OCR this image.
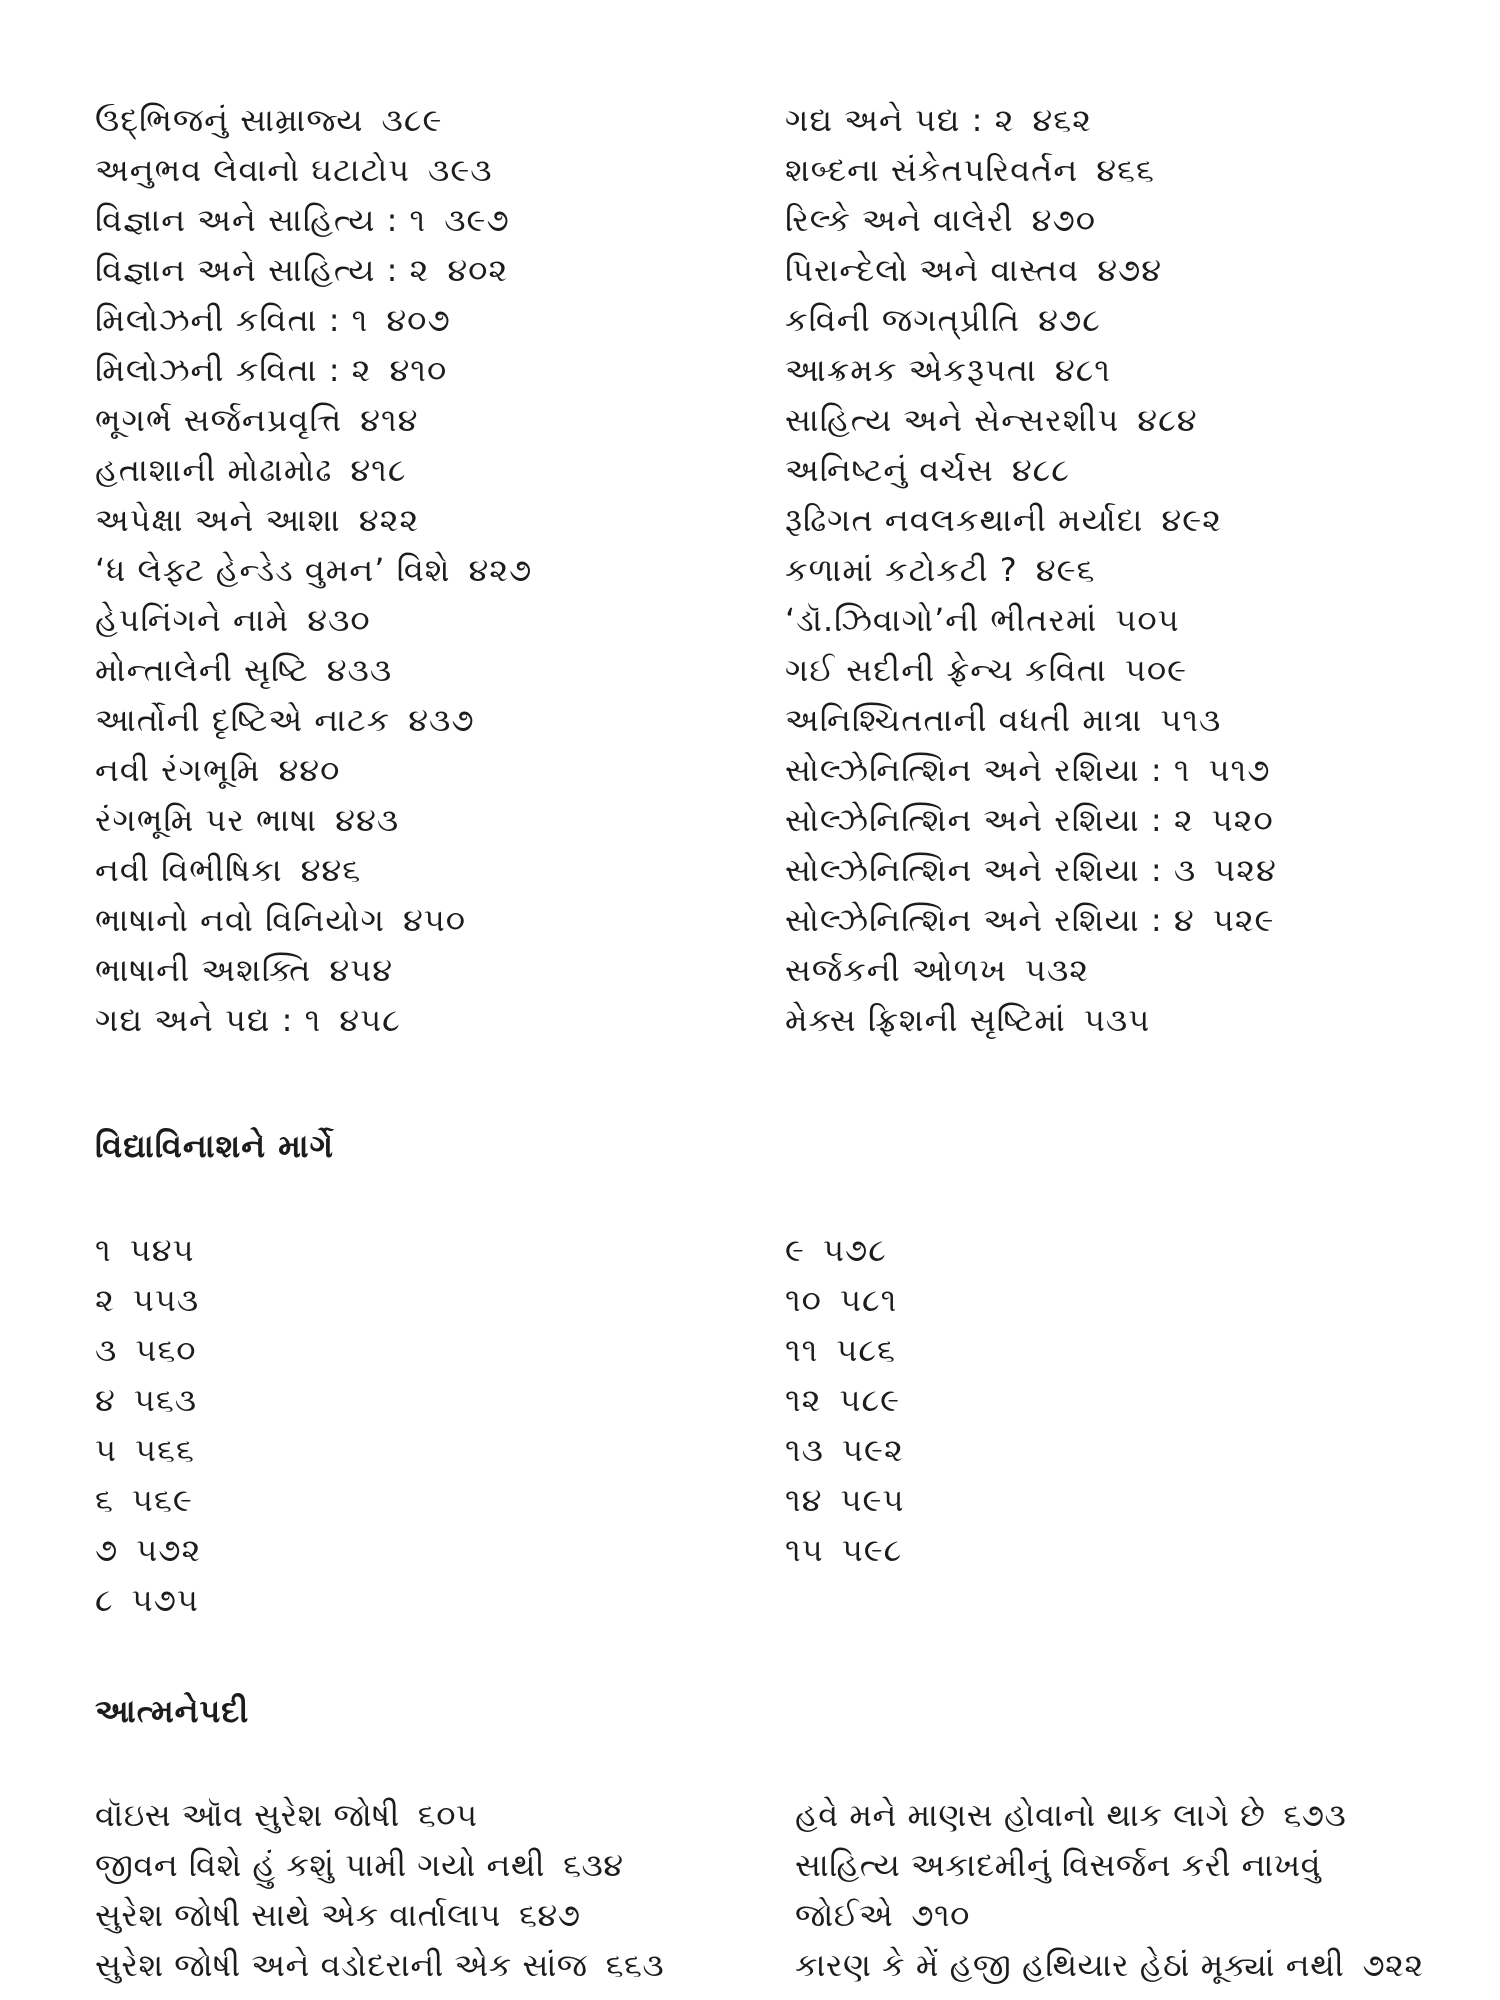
ઉદ્‌ભિજનું સામ્રાજ્ય ૩૮૯
અનુભવ લેવાનો ઘટાટોપ ૩૯૩
વિજ્ઞાન અને સાહિત્ય : ૧ ૩૯૭
વિજ્ઞાન અને સાહિત્ય : ૨ ૪૦૨
મિલોઝની કવિતા : ૧ ૪૦૭
મિલોઝની કવિતા : ૨ ૪૧૦
ભૂગર્ભ સર્જનપ્રવૃત્તિ ૪૧૪
હતાશાની મોઢામોઢ ૪૧૮
અપેક્ષા અને આશા ૪૨૨
‘ધ લેફ્ટ હેન્ડેડ વુમન’ વિશે ૪૨૭
હેપનિંગને નામે ૪૩૦
મોન્તાલેની સૃષ્ટિ ૪૩૩
આર્તોની દૃષ્ટિએ નાટક ૪૩૭
નવી રંગભૂમિ ૪૪૦
રંગભૂમિ પર ભાષા ૪૪૩
નવી વિભીષિકા ૪૪૬
ભાષાનો નવો વિનિયોગ ૪૫૦
ભાષાની અશક્તિ ૪૫૪
ગદ્ય અને પદ્ય : ૧ ૪૫૮
ગદ્ય અને પદ્ય : ૨ ૪૬૨
શબ્દના સંકેતપરિવર્તન ૪૬૬
રિલ્કે અને વાલેરી ૪૭૦
પિરાન્દેલો અને વાસ્તવ ૪૭૪
કવિની જગત્‌પ્રીતિ ૪૭૮
આક્રમક એકરૂપતા ૪૮૧
સાહિત્ય અને સેન્સરશીપ ૪૮૪
અનિષ્ટનું વર્ચસ ૪૮૮
રૂઢિગત નવલકથાની મર્યાદા ૪૯૨
કળામાં કટોકટી ? ૪૯૬
‘ડૉ.ઝિવાગો’ની ભીતરમાં ૫૦૫
ગઈ સદીની ફ્રેન્ચ કવિતા ૫૦૯
અનિશ્ચિતતાની વધતી માત્રા ૫૧૩
સોલ્ઝેનિત્શિન અને રશિયા : ૧ ૫૧૭
સોલ્ઝેનિત્શિન અને રશિયા : ૨ ૫૨૦
સોલ્ઝેનિત્શિન અને રશિયા : ૩ ૫૨૪
સોલ્ઝેનિત્શિન અને રશિયા : ૪ ૫૨૯
સર્જકની ઓળખ ૫૩૨
મેક્સ ફ્રિશની સૃષ્ટિમાં ૫૩૫
વિદ્યાવિનાશને માર્ગે
૧ ૫૪૫
૨ ૫૫૩
૩ ૫૬૦
૪ ૫૬૩
૫ ૫૬૬
૬ ૫૬૯
૭ ૫૭૨
૮ ૫૭૫
૯ ૫૭૮
૧૦ ૫૮૧
૧૧ ૫૮૬
૧૨ ૫૮૯
૧૩ ૫૯૨
૧૪ ૫૯૫
૧૫ ૫૯૮
આત્મનેપદી
વૉઇસ ઑવ સુરેશ જોષી ૬૦૫
જીવન વિશે હું કશું પામી ગયો નથી ૬૩૪
સુરેશ જોષી સાથે એક વાર્તાલાપ ૬૪૭
સુરેશ જોષી અને વડોદરાની એક સાંજ ૬૬૩
હવે મને માણસ હોવાનો થાક લાગે છે ૬૭૩
સાહિત્ય અકાદમીનું વિસર્જન કરી નાખવું
જોઈએ ૭૧૦
કારણ કે મેં હજી હથિયાર હેઠાં મૂક્યાં નથી ૭૨૨
